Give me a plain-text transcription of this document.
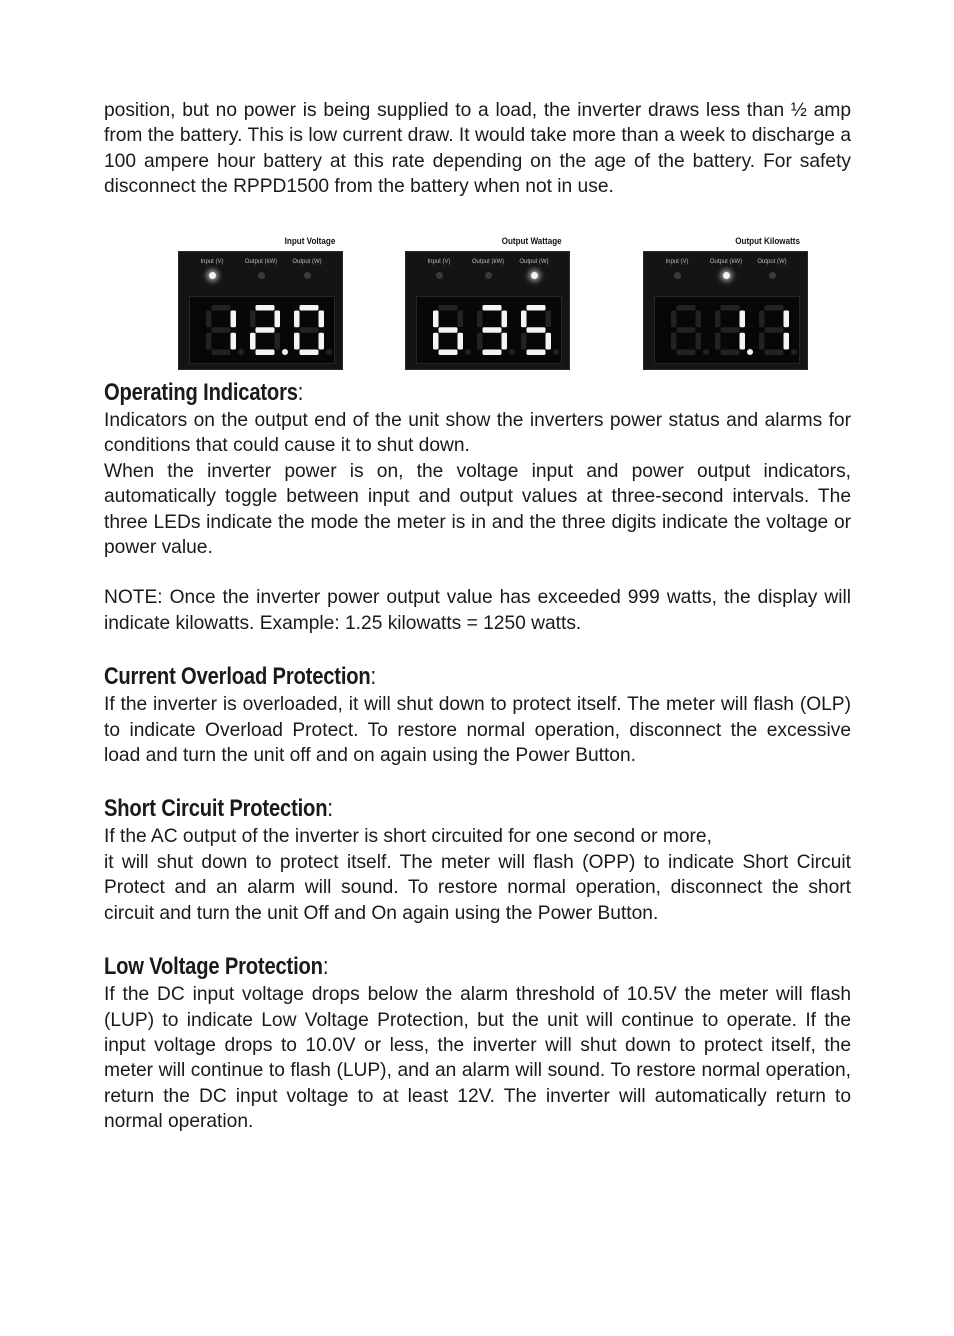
position, but no power is being supplied to a load, the inverter draws less than ½ amp from the battery. This is low current draw. It would take more than a week to discharge a 100 ampere hour battery at this rate depending on the age of the battery. For safety disconnect the RPPD1500 from the battery when not in use.

Input Voltage
Input (V)	Output (kW)	Output (W)
Output Wattage
Input (V)	Output (kW)	Output (W)
Output Kilowatts
Input (V)	Output (kW)	Output (W)
Operating Indicators:

Indicators on the output end of the unit show the inverters power status and alarms for conditions that could cause it to shut down.

When the inverter power is on, the voltage input and power output indicators, automatically toggle between input and output values at three-second intervals. The three LEDs indicate the mode the meter is in and the three digits indicate the voltage or power value.

NOTE: Once the inverter power output value has exceeded 999 watts, the display will indicate kilowatts. Example: 1.25 kilowatts = 1250 watts.

Current Overload Protection:

If the inverter is overloaded, it will shut down to protect itself. The meter will flash (OLP) to indicate Overload Protect. To restore normal operation, disconnect the excessive load and turn the unit off and on again using the Power Button.

Short Circuit Protection:

If the AC output of the inverter is short circuited for one second or more,

it will shut down to protect itself. The meter will flash (OPP) to indicate Short Circuit Protect and an alarm will sound. To restore normal operation, disconnect the short circuit and turn the unit Off and On again using the Power Button.

Low Voltage Protection:

If the DC input voltage drops below the alarm threshold of 10.5V the meter will flash (LUP) to indicate Low Voltage Protection, but the unit will continue to operate. If the input voltage drops to 10.0V or less, the inverter will shut down to protect itself, the meter will continue to flash (LUP), and an alarm will sound. To restore normal operation, return the DC input voltage to at least 12V. The inverter will automatically return to normal operation.
